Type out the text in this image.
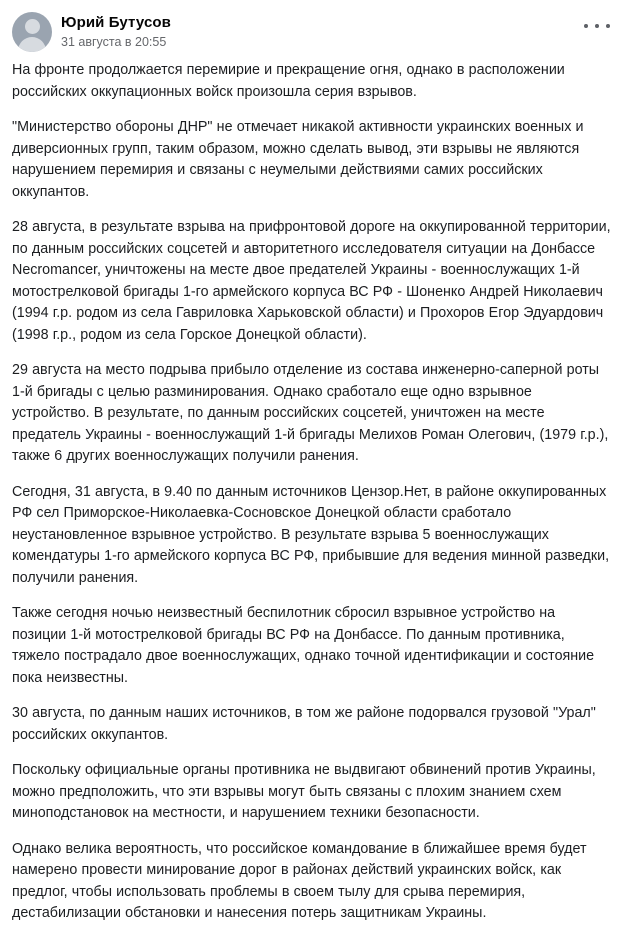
Юрий Бутусов
31 августа в 20:55

На фронте продолжается перемирие и прекращение огня, однако в расположении российских оккупационных войск произошла серия взрывов.

"Министерство обороны ДНР" не отмечает никакой активности украинских военных и диверсионных групп, таким образом, можно сделать вывод, эти взрывы не являются нарушением перемирия и связаны с неумелыми действиями самих российских оккупантов.

28 августа, в результате взрыва на прифронтовой дороге на оккупированной территории, по данным российских соцсетей и авторитетного исследователя ситуации на Донбассе Necromancer, уничтожены на месте двое предателей Украины - военнослужащих 1-й мотострелковой бригады 1-го армейского корпуса ВС РФ - Шоненко Андрей Николаевич (1994 г.р. родом из села Гавриловка Харьковской области) и Прохоров Егор Эдуардович (1998 г.р., родом из села Горское Донецкой области).

29 августа на место подрыва прибыло отделение из состава инженерно-саперной роты 1-й бригады с целью разминирования. Однако сработало еще одно взрывное устройство. В результате, по данным российских соцсетей, уничтожен на месте предатель Украины - военнослужащий 1-й бригады Мелихов Роман Олегович, (1979 г.р.), также 6 других военнослужащих получили ранения.

Сегодня, 31 августа, в 9.40 по данным источников Цензор.Нет, в районе оккупированных РФ сел Приморское-Николаевка-Сосновское Донецкой области сработало неустановленное взрывное устройство. В результате взрыва 5 военнослужащих комендатуры 1-го армейского корпуса ВС РФ, прибывшие для ведения минной разведки, получили ранения.

Также сегодня ночью неизвестный беспилотник сбросил взрывное устройство на позиции 1-й мотострелковой бригады ВС РФ на Донбассе. По данным противника, тяжело пострадало двое военнослужащих, однако точной идентификации и состояние пока неизвестны.

30 августа, по данным наших источников, в том же районе подорвался грузовой "Урал" российских оккупантов.

Поскольку официальные органы противника не выдвигают обвинений против Украины, можно предположить, что эти взрывы могут быть связаны с плохим знанием схем миноподстановок на местности, и нарушением техники безопасности.

Однако велика вероятность, что российское командование в ближайшее время будет намерено провести минирование дорог в районах действий украинских войск, как предлог, чтобы использовать проблемы в своем тылу для срыва перемирия, дестабилизации обстановки и нанесения потерь защитникам Украины.
